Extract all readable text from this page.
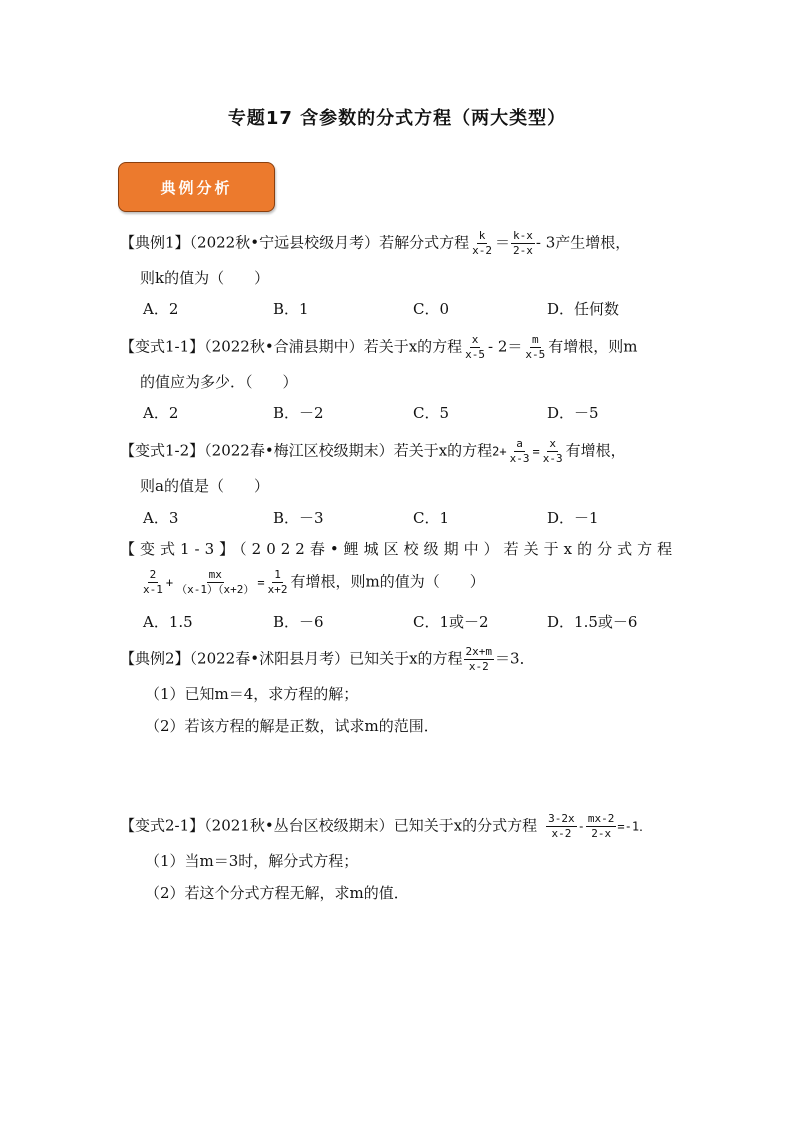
专题17 含参数的分式方程（两大类型）
典例分析
【典例1】（2022秋•宁远县校级月考）若解分式方程 $\frac{k}{x-2} = \frac{k-x}{2-x} - 3$产生增根，
则k的值为（　　）
A．2	B．1	C．0	D．任何数
【变式1-1】（2022秋•合浦县期中）若关于x的方程 $\frac{x}{x-5} - 2= \frac{m}{x-5}$ 有增根，则m
的值应为多少．（　　）
A．2	B．－2	C．5	D．－5
【变式1-2】（2022春•梅江区校级期末）若关于x的方程$2+ \frac{a}{x-3} = \frac{x}{x-3}$ 有增根，
则a的值是（　　）
A．3	B．－3	C．1	D．－1
【变式1-3】（2022春•鲤城区校级期中）若关于x的分式方程
$\frac{2}{x-1} + \frac{mx}{(x-1)(x+2)} = \frac{1}{x+2}$ 有增根，则m的值为（　　）
A．1.5	B．－6	C．1或－2	D．1.5或－6
【典例2】（2022春•沭阳县月考）已知关于x的方程 $\frac{2x+m}{x-2} =3$．
（1）已知m＝4，求方程的解；
（2）若该方程的解是正数，试求m的范围．
【变式2-1】（2021秋•丛台区校级期末）已知关于x的分式方程 $\frac{3-2x}{x-2} - \frac{mx-2}{2-x} =-1$．
（1）当m＝3时，解分式方程；
（2）若这个分式方程无解，求m的值．
